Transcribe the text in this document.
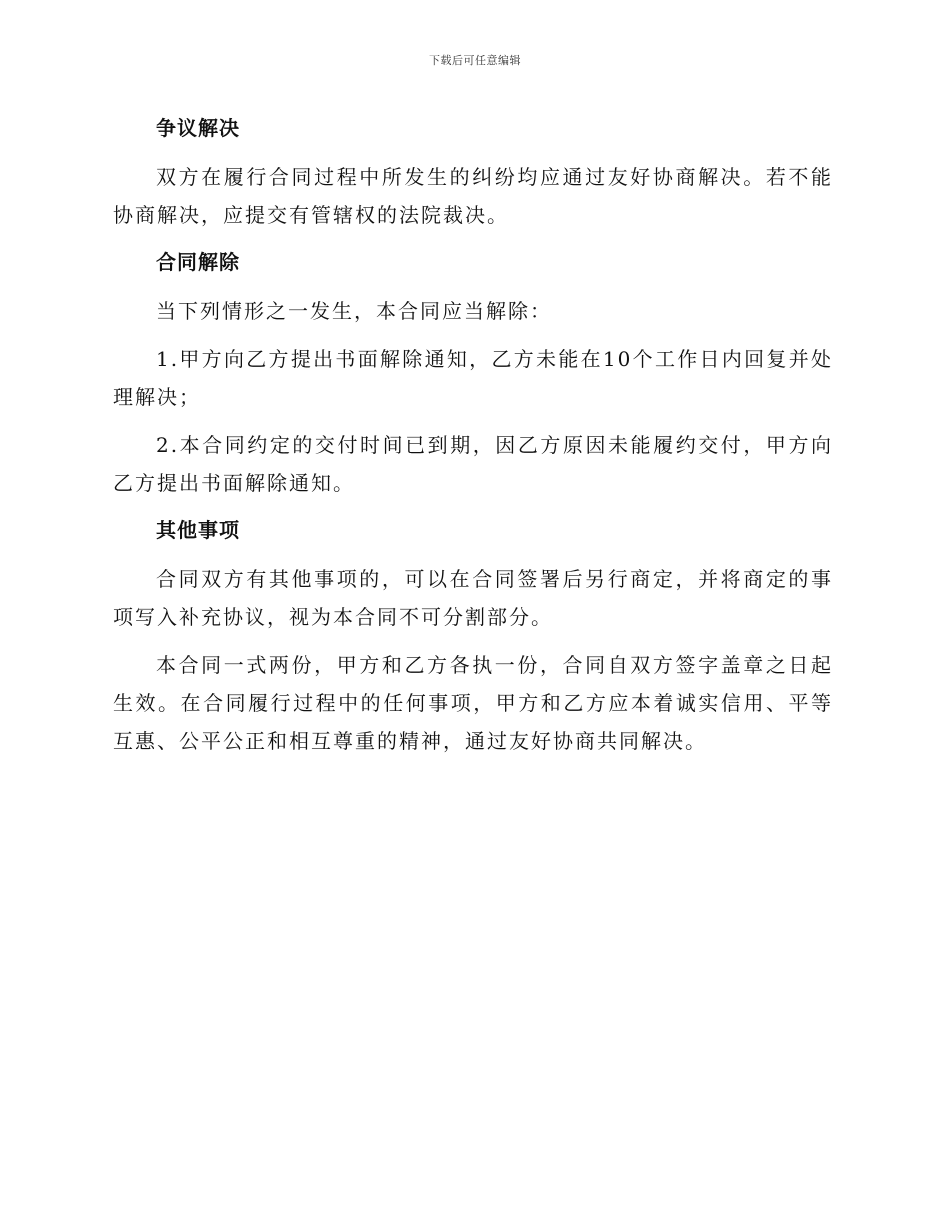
下载后可任意编辑
争议解决

双方在履行合同过程中所发生的纠纷均应通过友好协商解决。若不能协商解决，应提交有管辖权的法院裁决。

合同解除

当下列情形之一发生，本合同应当解除：

1.甲方向乙方提出书面解除通知，乙方未能在10个工作日内回复并处理解决；

2.本合同约定的交付时间已到期，因乙方原因未能履约交付，甲方向乙方提出书面解除通知。

其他事项

合同双方有其他事项的，可以在合同签署后另行商定，并将商定的事项写入补充协议，视为本合同不可分割部分。

本合同一式两份，甲方和乙方各执一份，合同自双方签字盖章之日起生效。在合同履行过程中的任何事项，甲方和乙方应本着诚实信用、平等互惠、公平公正和相互尊重的精神，通过友好协商共同解决。
